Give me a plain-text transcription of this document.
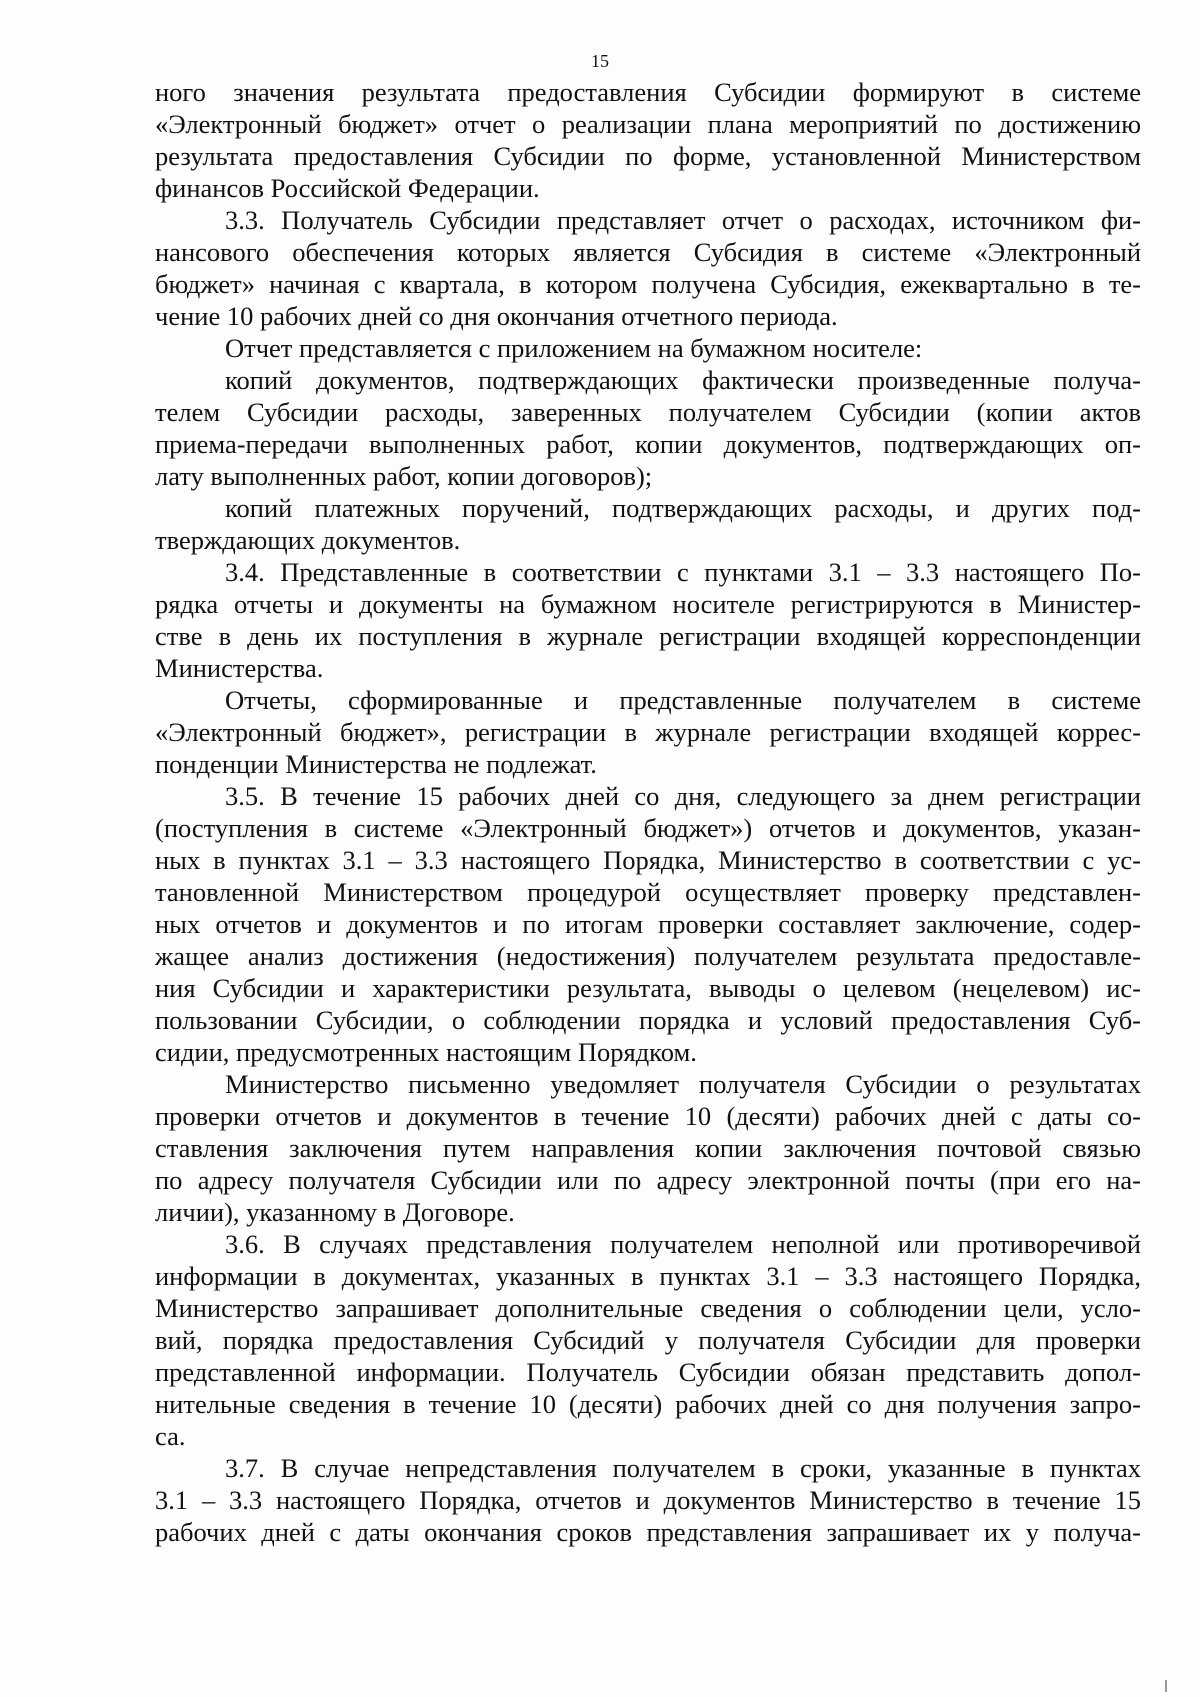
15
ного значения результата предоставления Субсидии формируют в системе
«Электронный бюджет» отчет о реализации плана мероприятий по достижению
результата предоставления Субсидии по форме, установленной Министерством
финансов Российской Федерации.
3.3. Получатель Субсидии представляет отчет о расходах, источником фи-
нансового обеспечения которых является Субсидия в системе «Электронный
бюджет» начиная с квартала, в котором получена Субсидия, ежеквартально в те-
чение 10 рабочих дней со дня окончания отчетного периода.
Отчет представляется с приложением на бумажном носителе:
копий документов, подтверждающих фактически произведенные получа-
телем Субсидии расходы, заверенных получателем Субсидии (копии актов
приема-передачи выполненных работ, копии документов, подтверждающих оп-
лату выполненных работ, копии договоров);
копий платежных поручений, подтверждающих расходы, и других под-
тверждающих документов.
3.4. Представленные в соответствии с пунктами 3.1 – 3.3 настоящего По-
рядка отчеты и документы на бумажном носителе регистрируются в Министер-
стве в день их поступления в журнале регистрации входящей корреспонденции
Министерства.
Отчеты, сформированные и представленные получателем в системе
«Электронный бюджет», регистрации в журнале регистрации входящей коррес-
понденции Министерства не подлежат.
3.5. В течение 15 рабочих дней со дня, следующего за днем регистрации
(поступления в системе «Электронный бюджет») отчетов и документов, указан-
ных в пунктах 3.1 – 3.3 настоящего Порядка, Министерство в соответствии с ус-
тановленной Министерством процедурой осуществляет проверку представлен-
ных отчетов и документов и по итогам проверки составляет заключение, содер-
жащее анализ достижения (недостижения) получателем результата предоставле-
ния Субсидии и характеристики результата, выводы о целевом (нецелевом) ис-
пользовании Субсидии, о соблюдении порядка и условий предоставления Суб-
сидии, предусмотренных настоящим Порядком.
Министерство письменно уведомляет получателя Субсидии о результатах
проверки отчетов и документов в течение 10 (десяти) рабочих дней с даты со-
ставления заключения путем направления копии заключения почтовой связью
по адресу получателя Субсидии или по адресу электронной почты (при его на-
личии), указанному в Договоре.
3.6. В случаях представления получателем неполной или противоречивой
информации в документах, указанных в пунктах 3.1 – 3.3 настоящего Порядка,
Министерство запрашивает дополнительные сведения о соблюдении цели, усло-
вий, порядка предоставления Субсидий у получателя Субсидии для проверки
представленной информации. Получатель Субсидии обязан представить допол-
нительные сведения в течение 10 (десяти) рабочих дней со дня получения запро-
са.
3.7. В случае непредставления получателем в сроки, указанные в пунктах
3.1 – 3.3 настоящего Порядка, отчетов и документов Министерство в течение 15
рабочих дней с даты окончания сроков представления запрашивает их у получа-
